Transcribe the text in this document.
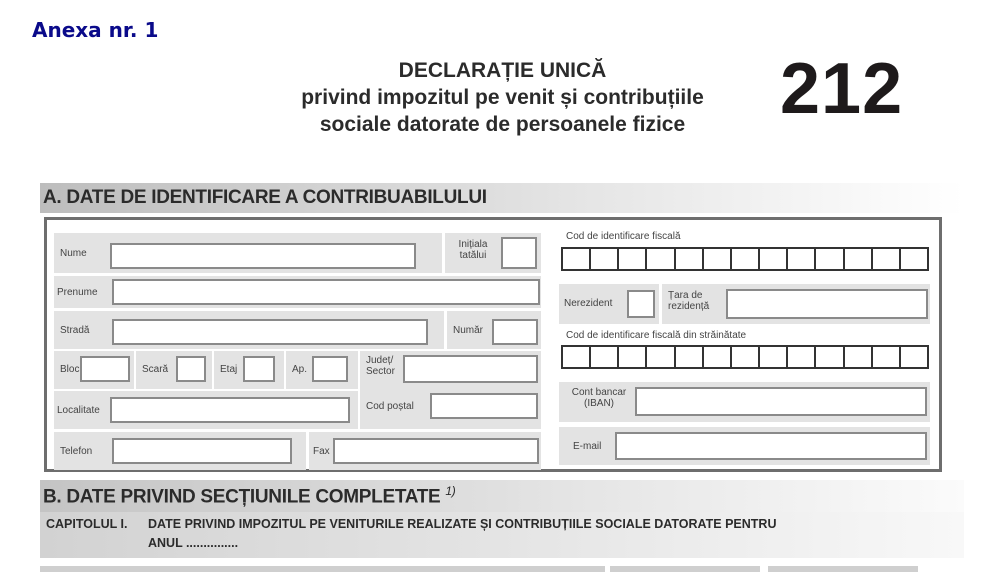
Anexa nr. 1
DECLARAȚIE UNICĂ
privind impozitul pe venit și contribuțiile
sociale datorate de persoanele fizice	212
A. DATE DE IDENTIFICARE A CONTRIBUABILULUI
Nume
Inițiala
tatălui
Prenume
Stradă	Număr
Bloc	Scară	Etaj	Ap.
Județ/
Sector
Cod poștal
Localitate
Telefon	Fax
Cod de identificare fiscală
Nerezident
Țara de
rezidență
Cod de identificare fiscală din străinătate
Cont bancar
(IBAN)
E-mail
B. DATE PRIVIND SECȚIUNILE COMPLETATE $^{1)}$
CAPITOLUL I. DATE PRIVIND IMPOZITUL PE VENITURILE REALIZATE ȘI CONTRIBUȚIILE SOCIALE DATORATE PENTRU
ANUL ...............
